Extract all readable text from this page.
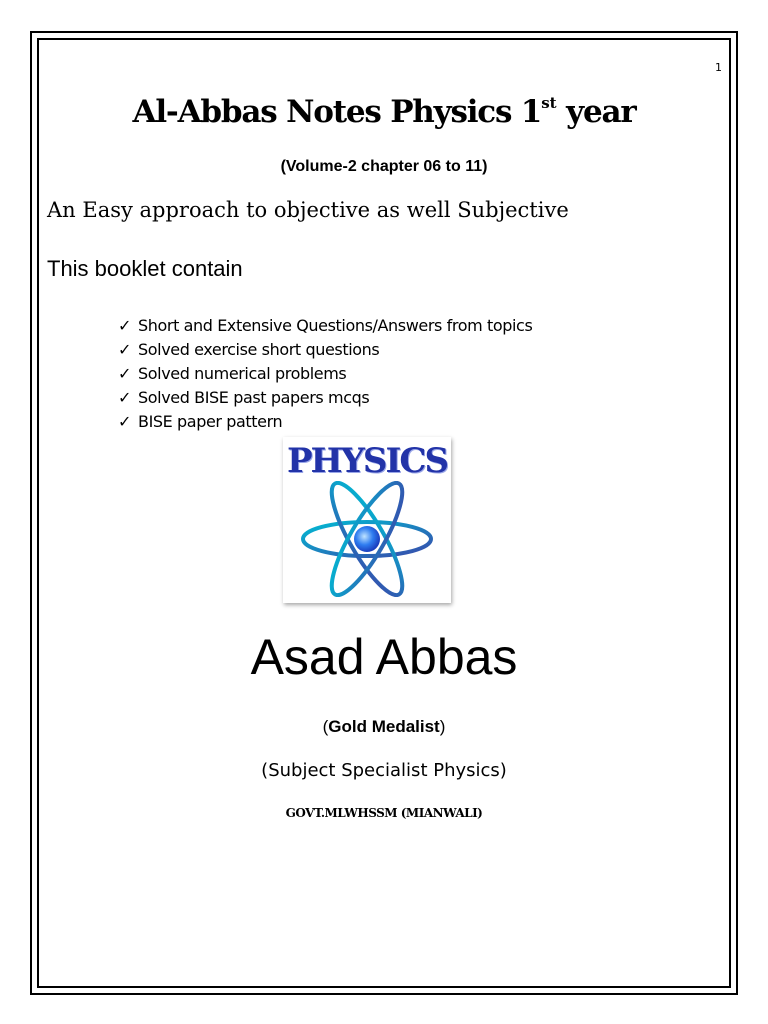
1
Al-Abbas Notes Physics 1st year
(Volume-2 chapter 06 to 11)
An Easy approach to objective as well Subjective
This booklet contain
✓ Short and Extensive Questions/Answers from topics
✓ Solved exercise short questions
✓ Solved numerical problems
✓ Solved BISE past papers mcqs
✓ BISE paper pattern
PHYSICS
Asad Abbas
(Gold Medalist)
(Subject Specialist Physics)
GOVT.MLWHSSM (MIANWALI)
